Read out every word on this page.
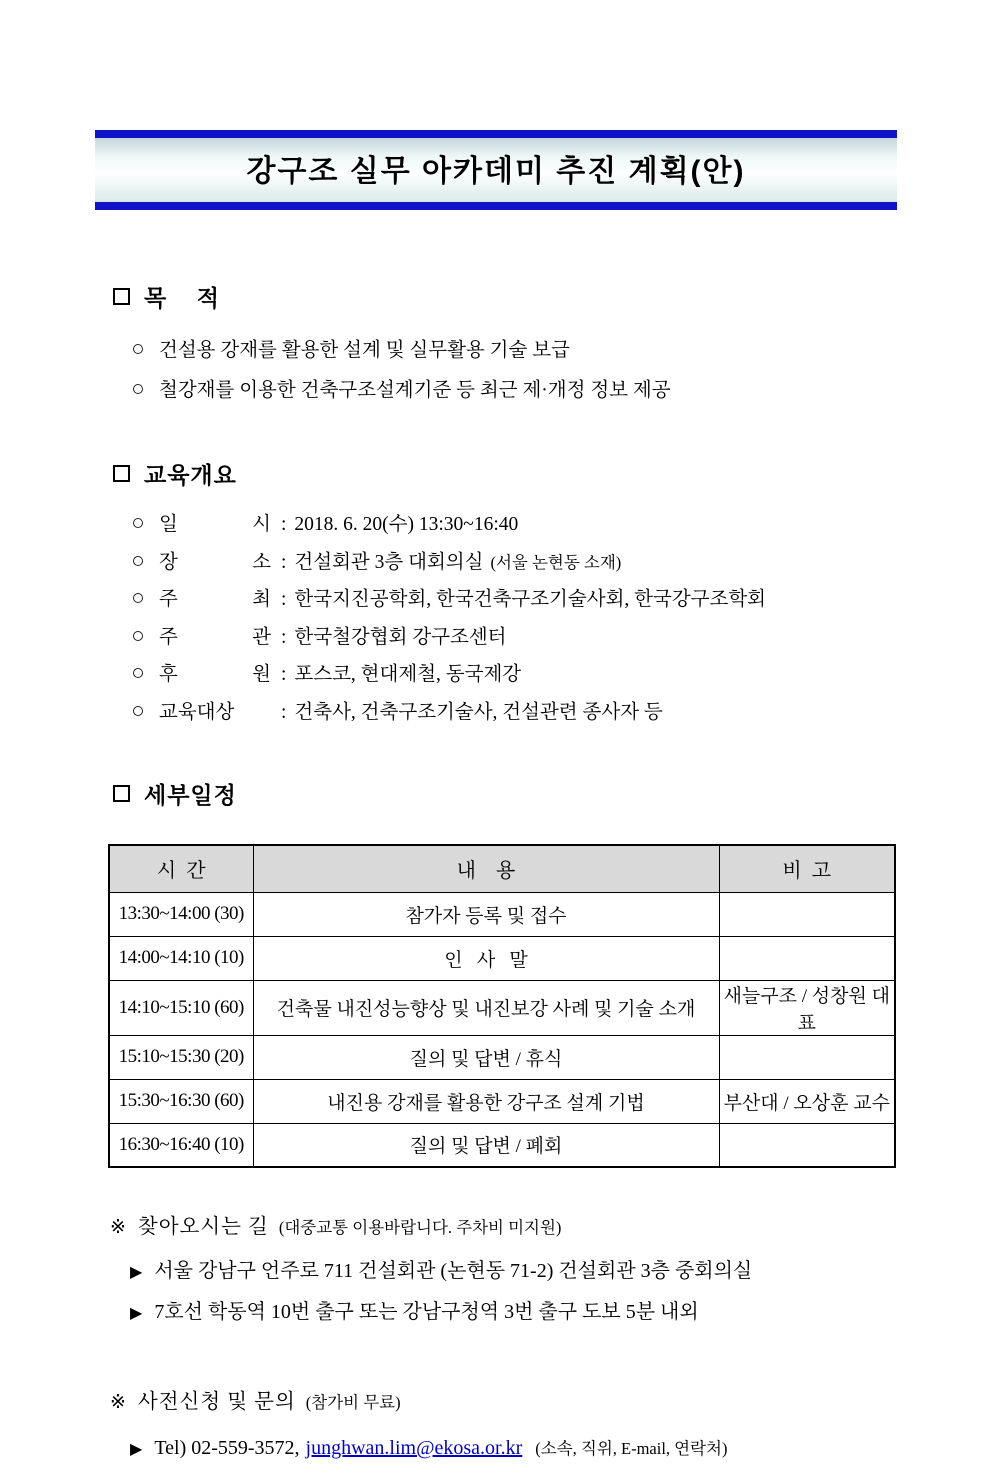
강구조 실무 아카데미 추진 계획(안)
목    적
건설용 강재를 활용한 설계 및 실무활용 기술 보급
철강재를 이용한 건축구조설계기준 등 최근 제·개정 정보 제공
교육개요
일	시 : 2018. 6. 20(수) 13:30~16:40
장	소 : 건설회관 3층 대회의실 (서울 논현동 소재)
주	최 : 한국지진공학회, 한국건축구조기술사회, 한국강구조학회
주	관 : 한국철강협회 강구조센터
후	원 : 포스코, 현대제철, 동국제강
교육대상 : 건축사, 건축구조기술사, 건설관련 종사자 등
세부일정
시  간	내    용	비  고
13:30~14:00 (30)	참가자 등록 및 접수	
14:00~14:10 (10)	인   사   말	
14:10~15:10 (60)	건축물 내진성능향상 및 내진보강 사례 및 기술 소개	새늘구조 / 성창원 대표
15:10~15:30 (20)	질의 및 답변 / 휴식	
15:30~16:30 (60)	내진용 강재를 활용한 강구조 설계 기법	부산대 / 오상훈 교수
16:30~16:40 (10)	질의 및 답변 / 폐회	
※ 찾아오시는 길 (대중교통 이용바랍니다. 주차비 미지원)
▶ 서울 강남구 언주로 711 건설회관 (논현동 71-2) 건설회관 3층 중회의실
▶ 7호선 학동역 10번 출구 또는 강남구청역 3번 출구 도보 5분 내외
※ 사전신청 및 문의 (참가비 무료)
▶ Tel) 02-559-3572, junghwan.lim@ekosa.or.kr (소속, 직위, E-mail, 연락처)
